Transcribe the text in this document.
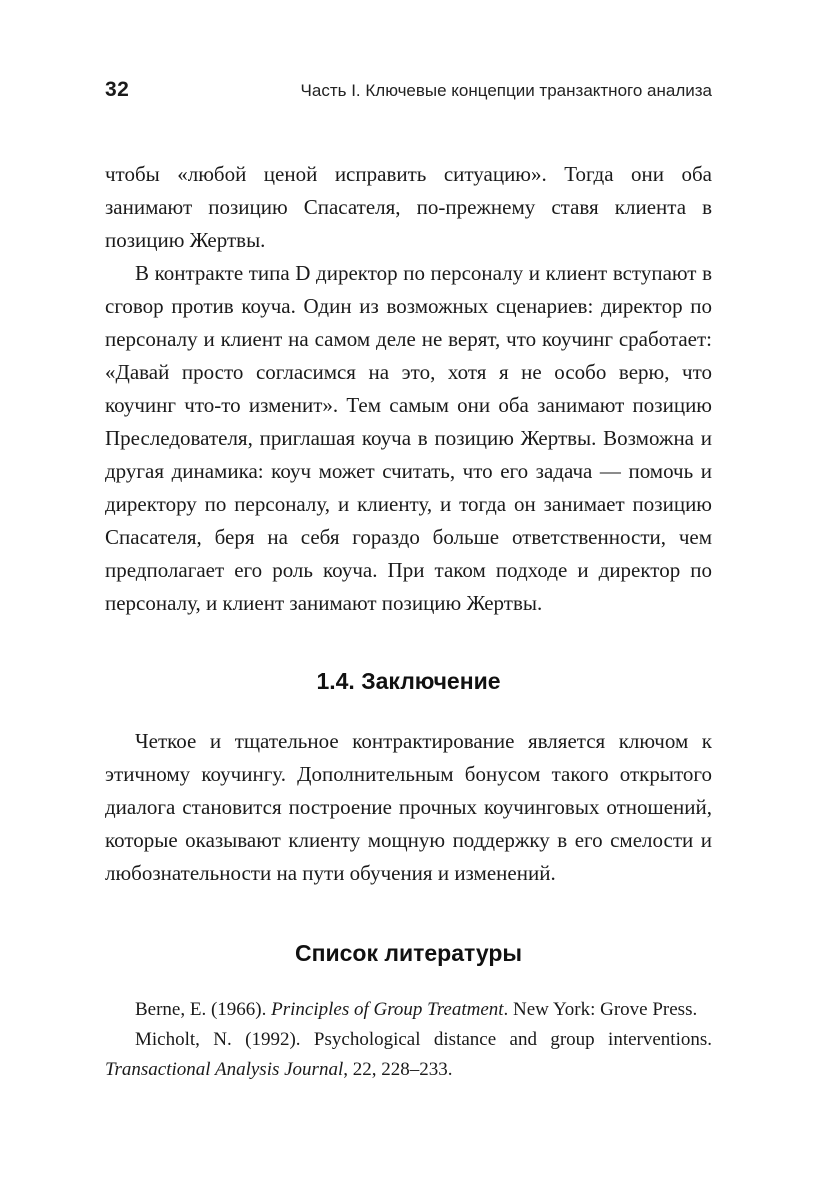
32	Часть I. Ключевые концепции транзактного анализа

чтобы «любой ценой исправить ситуацию». Тогда они оба занимают позицию Спасателя, по-прежнему ставя клиента в позицию Жертвы.

В контракте типа D директор по персоналу и клиент вступают в сговор против коуча. Один из возможных сценариев: директор по персоналу и клиент на самом деле не верят, что коучинг сработает: «Давай просто согласимся на это, хотя я не особо верю, что коучинг что-то изменит». Тем самым они оба занимают позицию Преследователя, приглашая коуча в позицию Жертвы. Возможна и другая динамика: коуч может считать, что его задача — помочь и директору по персоналу, и клиенту, и тогда он занимает позицию Спасателя, беря на себя гораздо больше ответственности, чем предполагает его роль коуча. При таком подходе и директор по персоналу, и клиент занимают позицию Жертвы.

1.4. Заключение

Четкое и тщательное контрактирование является ключом к этичному коучингу. Дополнительным бонусом такого открытого диалога становится построение прочных коучинговых отношений, которые оказывают клиенту мощную поддержку в его смелости и любознательности на пути обучения и изменений.

Список литературы

Berne, E. (1966). Principles of Group Treatment. New York: Grove Press.

Micholt, N. (1992). Psychological distance and group interventions. Transactional Analysis Journal, 22, 228–233.
